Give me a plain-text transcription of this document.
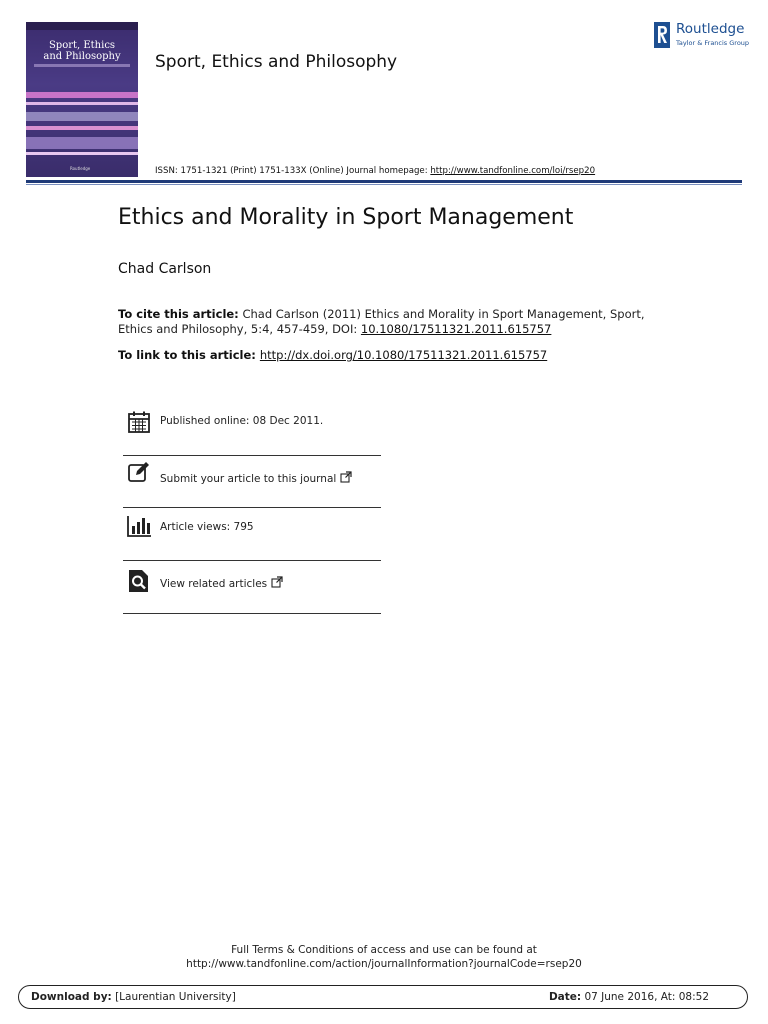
Sport, Ethics
and Philosophy
Routledge
Sport, Ethics and Philosophy
ISSN: 1751-1321 (Print) 1751-133X (Online) Journal homepage: http://www.tandfonline.com/loi/rsep20
Routledge
Taylor & Francis Group
Ethics and Morality in Sport Management
Chad Carlson
To cite this article: Chad Carlson (2011) Ethics and Morality in Sport Management, Sport, Ethics and Philosophy, 5:4, 457-459, DOI: 10.1080/17511321.2011.615757
To link to this article: http://dx.doi.org/10.1080/17511321.2011.615757
Published online: 08 Dec 2011.
Submit your article to this journal
Article views: 795
View related articles
Full Terms & Conditions of access and use can be found at
http://www.tandfonline.com/action/journalInformation?journalCode=rsep20
Download by: [Laurentian University]	Date: 07 June 2016, At: 08:52
